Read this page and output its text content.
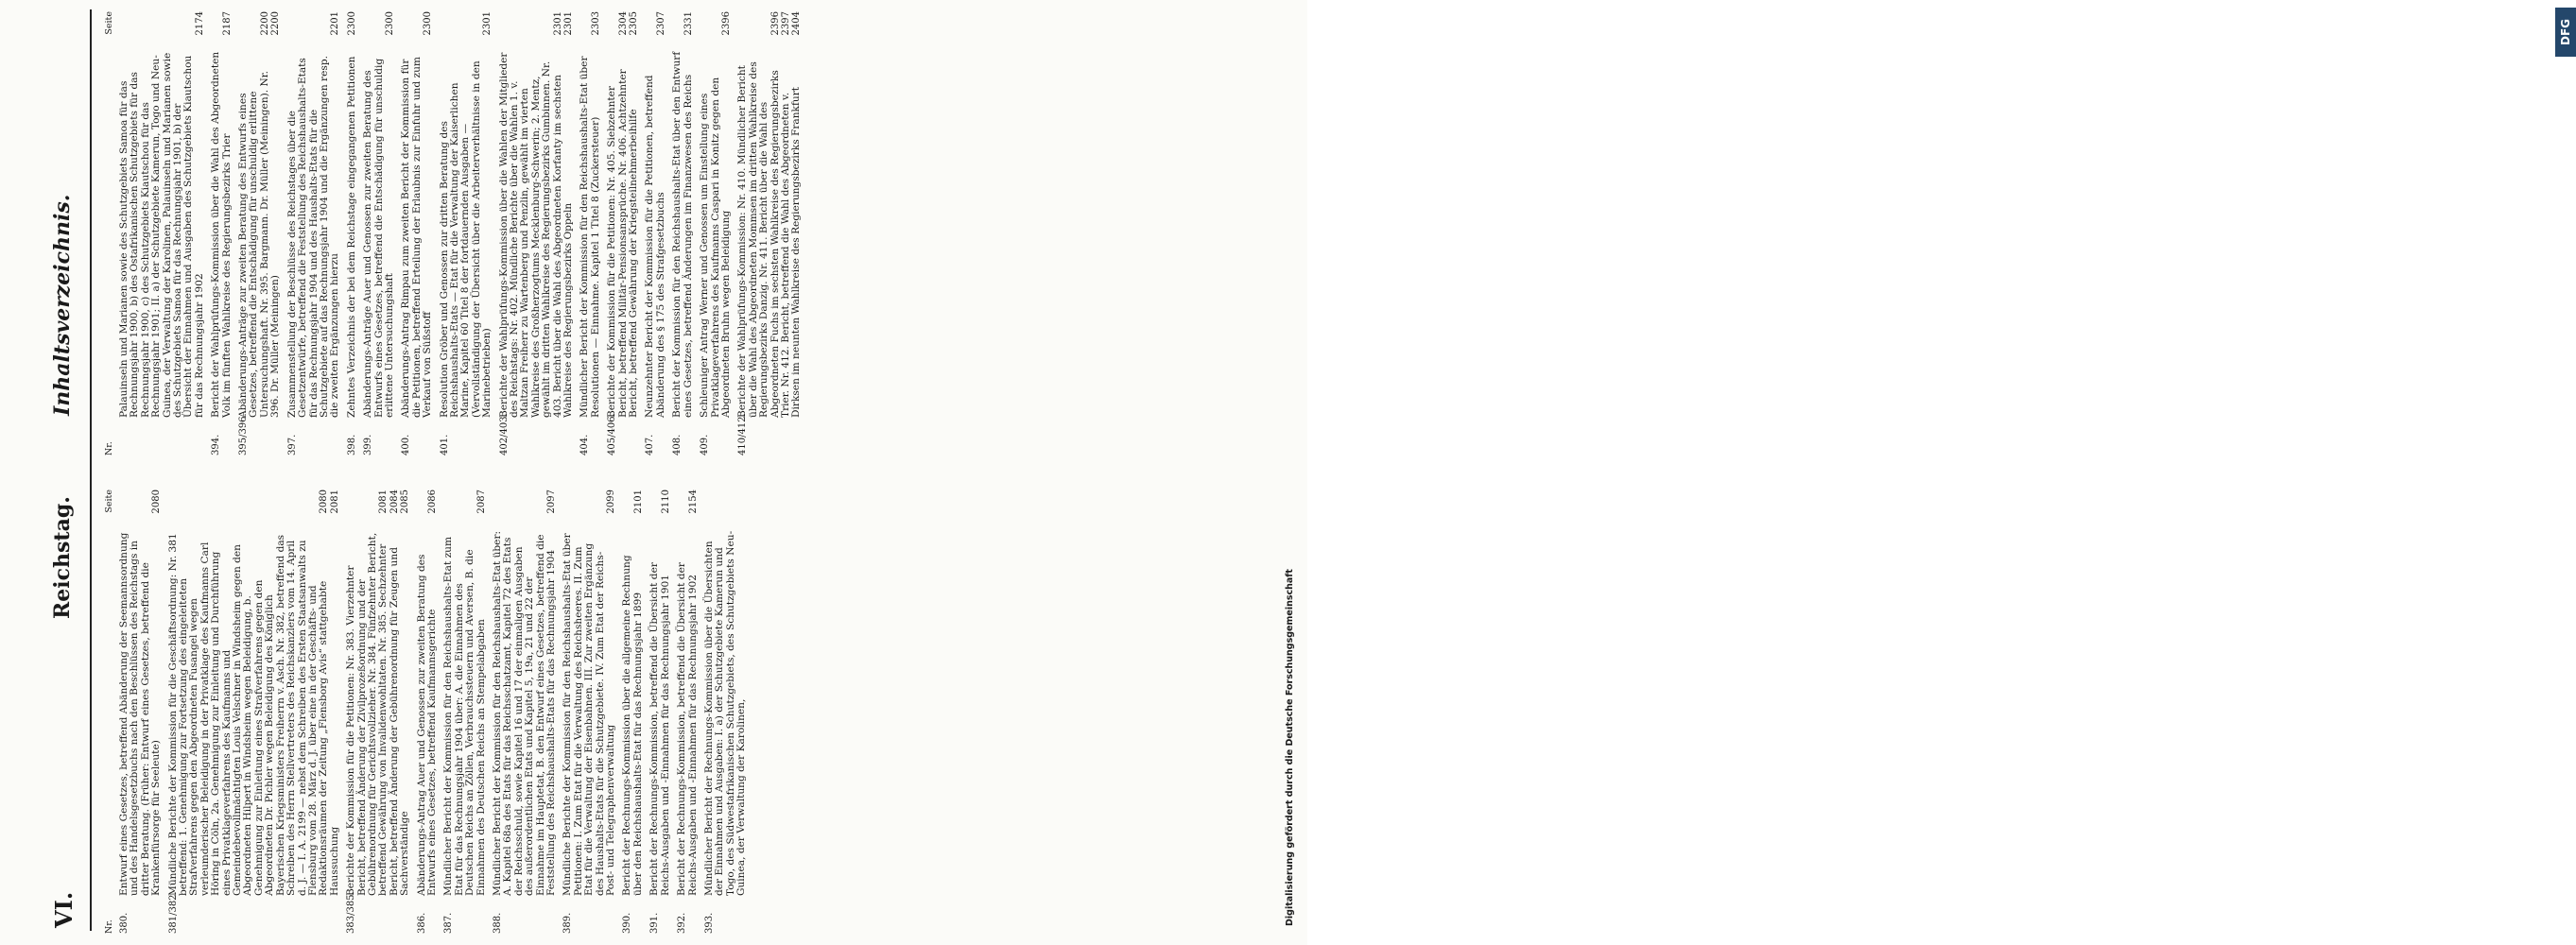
VI.
Reichstag.
Inhaltsverzeichnis.
Nr.
Seite
380.
Entwurf eines Gesetzes, betreffend Abänderung der Seemannsordnung und des Handelsgesetzbuchs nach den Beschlüssen des Reichstags in dritter Beratung. (Früher: Entwurf eines Gesetzes, betreffend die Krankenfürsorge für Seeleute)
2080
381/382.
Mündliche Berichte der Kommission für die Geschäftsordnung: Nr. 381 betreffend: 1. Genehmigung zur Fortsetzung des eingeleiteten Strafverfahrens gegen den Abgeordneten Fusangel wegen verleumderischer Beleidigung in der Privatklage des Kaufmanns Carl Höring in Cöln, 2a. Genehmigung zur Einleitung und Durchführung eines Privatklageverfahrens des Kaufmanns und Gemeindebevollmächtigten Louis Velschner in Windsheim gegen den Abgeordneten Hilpert in Windsheim wegen Beleidigung, b. Genehmigung zur Einleitung eines Strafverfahrens gegen den Abgeordneten Dr. Pichler wegen Beleidigung des Königlich Bayerischen Kriegsministers Freiherrn v. Asch. Nr. 382, betreffend das Schreiben des Herrn Stellvertreters des Reichskanzlers vom 14. April d. J. — I. A. 2199 — nebst dem Schreiben des Ersten Staatsanwalts zu Flensburg vom 28. März d. J. über eine in der Geschäfts- und Redaktionsräumen der Zeitung „Flensborg Avis“ stattgehabte Haussuchung
2080 2081
383/385.
Berichte der Kommission für die Petitionen: Nr. 383. Vierzehnter Bericht, betreffend Änderung der Zivilprozeßordnung und der Gebührenordnung für Gerichtsvollzieher. Nr. 384. Fünfzehnter Bericht, betreffend Gewährung von Invalidenwohltaten. Nr. 385. Sechzehnter Bericht, betreffend Änderung der Gebührenordnung für Zeugen und Sachverständige
2081 2084 2085
386.
Abänderungs-Antrag Auer und Genossen zur zweiten Beratung des Entwurfs eines Gesetzes, betreffend Kaufmannsgerichte
2086
387.
Mündlicher Bericht der Kommission für den Reichshaushalts-Etat zum Etat für das Rechnungsjahr 1904 über: A. die Einnahmen des Deutschen Reichs an Zöllen, Verbrauchssteuern und Aversen, B. die Einnahmen des Deutschen Reichs an Stempelabgaben
2087
388.
Mündlicher Bericht der Kommission für den Reichshaushalts-Etat über: A. Kapitel 68a des Etats für das Reichsschatzamt, Kapitel 72 des Etats der Reichsschuld, sowie Kapitel 16 und 17 der einmaligen Ausgaben des außerordentlichen Etats und Kapitel 5, 19a, 21 und 22 der Einnahme im Hauptetat, B. den Entwurf eines Gesetzes, betreffend die Feststellung des Reichshaushalts-Etats für das Rechnungsjahr 1904
2097
389.
Mündliche Berichte der Kommission für den Reichshaushalts-Etat über Petitionen: I. Zum Etat für die Verwaltung des Reichsheeres. II. Zum Etat für die Verwaltung der Eisenbahnen. III. Zur zweiten Ergänzung des Haushalts-Etats für die Schutzgebiete. IV. Zum Etat der Reichs-Post- und Telegraphenverwaltung
2099
390.
Bericht der Rechnungs-Kommission über die allgemeine Rechnung über den Reichshaushalts-Etat für das Rechnungsjahr 1899
2101
391.
Bericht der Rechnungs-Kommission, betreffend die Übersicht der Reichs-Ausgaben und -Einnahmen für das Rechnungsjahr 1901
2110
392.
Bericht der Rechnungs-Kommission, betreffend die Übersicht der Reichs-Ausgaben und -Einnahmen für das Rechnungsjahr 1902
2154
393.
Mündlicher Bericht der Rechnungs-Kommission über die Übersichten der Einnahmen und Ausgaben: I. a) der Schutzgebiete Kamerun und Togo, des Südwestafrikanischen Schutzgebiets, des Schutzgebiets Neu-Guinea, der Verwaltung der Karolinen,
Nr.
Seite
Palauinseln und Marianen sowie des Schutzgebiets Samoa für das Rechnungsjahr 1900, b) des Ostafrikanischen Schutzgebiets für das Rechnungsjahr 1900, c) des Schutzgebiets Kiautschou für das Rechnungsjahr 1901; II. a) der Schutzgebiete Kamerun, Togo und Neu-Guinea, der Verwaltung der Karolinen, Palauinseln und Marianen sowie des Schutzgebiets Samoa für das Rechnungsjahr 1901, b) der Übersicht der Einnahmen und Ausgaben des Schutzgebiets Kiautschou für das Rechnungsjahr 1902
2174
394.
Bericht der Wahlprüfungs-Kommission über die Wahl des Abgeordneten Volk im fünften Wahlkreise des Regierungsbezirks Trier
2187
395/396.
Abänderungs-Anträge zur zweiten Beratung des Entwurfs eines Gesetzes, betreffend die Entschädigung für unschuldig erlittene Untersuchungshaft. Nr. 395. Bargmann. Dr. Müller (Meiningen). Nr. 396. Dr. Müller (Meiningen)
2200 2200
397.
Zusammenstellung der Beschlüsse des Reichstages über die Gesetzentwürfe, betreffend die Feststellung des Reichshaushalts-Etats für das Rechnungsjahr 1904 und des Haushalts-Etats für die Schutzgebiete auf das Rechnungsjahr 1904 und die Ergänzungen resp. die zweiten Ergänzungen hierzu
2201
398.
Zehntes Verzeichnis der bei dem Reichstage eingegangenen Petitionen
2300
399.
Abänderungs-Anträge Auer und Genossen zur zweiten Beratung des Entwurfs eines Gesetzes, betreffend die Entschädigung für unschuldig erlittene Untersuchungshaft
2300
400.
Abänderungs-Antrag Rimpau zum zweiten Bericht der Kommission für die Petitionen, betreffend Erteilung der Erlaubnis zur Einfuhr und zum Verkauf von Süßstoff
2300
401.
Resolution Gröber und Genossen zur dritten Beratung des Reichshaushalts-Etats — Etat für die Verwaltung der Kaiserlichen Marine, Kapitel 60 Titel 8 der fortdauernden Ausgaben — (Vervollständigung der Übersicht über die Arbeiterverhältnisse in den Marinebetrieben)
2301
402/403.
Berichte der Wahlprüfungs-Kommission über die Wahlen der Mitglieder des Reichstags: Nr. 402. Mündliche Berichte über die Wahlen 1. v. Maltzan Freiherr zu Wartenberg und Penzlin, gewählt im vierten Wahlkreise des Großherzogtums Mecklenburg-Schwerin; 2. Mentz, gewählt im dritten Wahlkreise des Regierungsbezirks Gumbinnen. Nr. 403. Bericht über die Wahl des Abgeordneten Korfanty im sechsten Wahlkreise des Regierungsbezirks Oppeln
2301 2301
404.
Mündlicher Bericht der Kommission für den Reichshaushalts-Etat über Resolutionen — Einnahme. Kapitel 1 Titel 8 (Zuckersteuer)
2303
405/406.
Berichte der Kommission für die Petitionen: Nr. 405. Siebzehnter Bericht, betreffend Militär-Pensionsansprüche. Nr. 406. Achtzehnter Bericht, betreffend Gewährung der Kriegsteilnehmerbeihilfe
2304 2305
407.
Neunzehnter Bericht der Kommission für die Petitionen, betreffend Abänderung des § 175 des Strafgesetzbuchs
2307
408.
Bericht der Kommission für den Reichshaushalts-Etat über den Entwurf eines Gesetzes, betreffend Änderungen im Finanzwesen des Reichs
2331
409.
Schleuniger Antrag Werner und Genossen um Einstellung eines Privatklageverfahrens des Kaufmanns Caspari in Konitz gegen den Abgeordneten Bruhn wegen Beleidigung
2396
410/412.
Berichte der Wahlprüfungs-Kommission: Nr. 410. Mündlicher Bericht über die Wahl des Abgeordneten Mommsen im dritten Wahlkreise des Regierungsbezirks Danzig. Nr. 411. Bericht über die Wahl des Abgeordneten Fuchs im sechsten Wahlkreise des Regierungsbezirks Trier. Nr. 412. Bericht, betreffend die Wahl des Abgeordneten v. Dirksen im neunten Wahlkreise des Regierungsbezirks Frankfurt
2396 2397 2404
Digitalisierung gefördert durch die Deutsche Forschungsgemeinschaft
DFG
